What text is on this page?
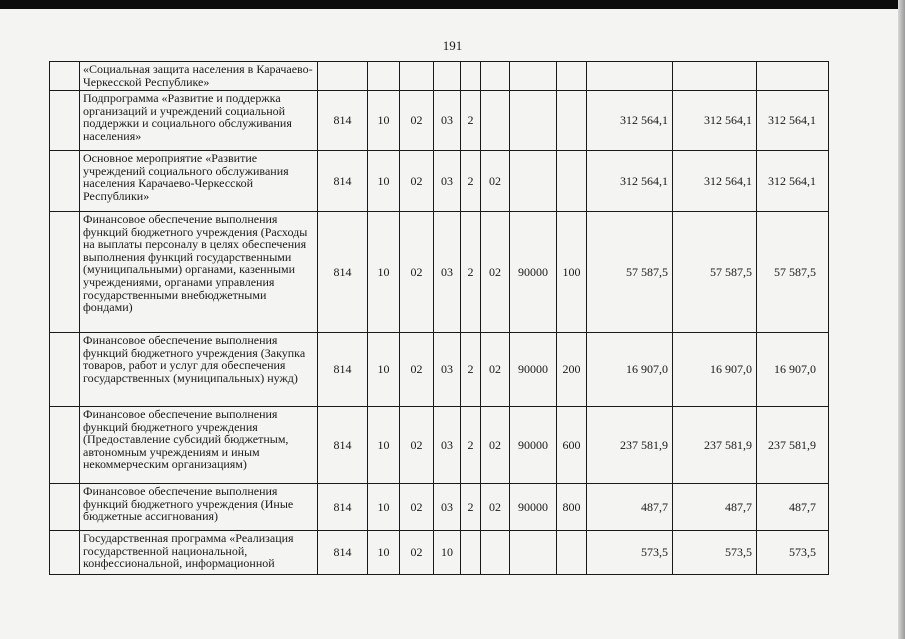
191
	«Социальная защита населения в Карачаево-Черкесской Республике»											
	Подпрограмма «Развитие и поддержка организаций и учреждений социальной поддержки и социального обслуживания населения»	814	10	02	03	2				312 564,1	312 564,1	312 564,1
	Основное мероприятие «Развитие учреждений социального обслуживания населения Карачаево-Черкесской Республики»	814	10	02	03	2	02			312 564,1	312 564,1	312 564,1
	Финансовое обеспечение выполнения функций бюджетного учреждения (Расходы на выплаты персоналу в целях обеспечения выполнения функций государственными (муниципальными) органами, казенными учреждениями, органами управления государственными внебюджетными фондами)	814	10	02	03	2	02	90000	100	57 587,5	57 587,5	57 587,5
	Финансовое обеспечение выполнения функций бюджетного учреждения (Закупка товаров, работ и услуг для обеспечения государственных (муниципальных) нужд)	814	10	02	03	2	02	90000	200	16 907,0	16 907,0	16 907,0
	Финансовое обеспечение выполнения функций бюджетного учреждения (Предоставление субсидий бюджетным, автономным учреждениям и иным некоммерческим организациям)	814	10	02	03	2	02	90000	600	237 581,9	237 581,9	237 581,9
	Финансовое обеспечение выполнения функций бюджетного учреждения (Иные бюджетные ассигнования)	814	10	02	03	2	02	90000	800	487,7	487,7	487,7
	Государственная программа «Реализация государственной национальной, конфессиональной, информационной	814	10	02	10					573,5	573,5	573,5
